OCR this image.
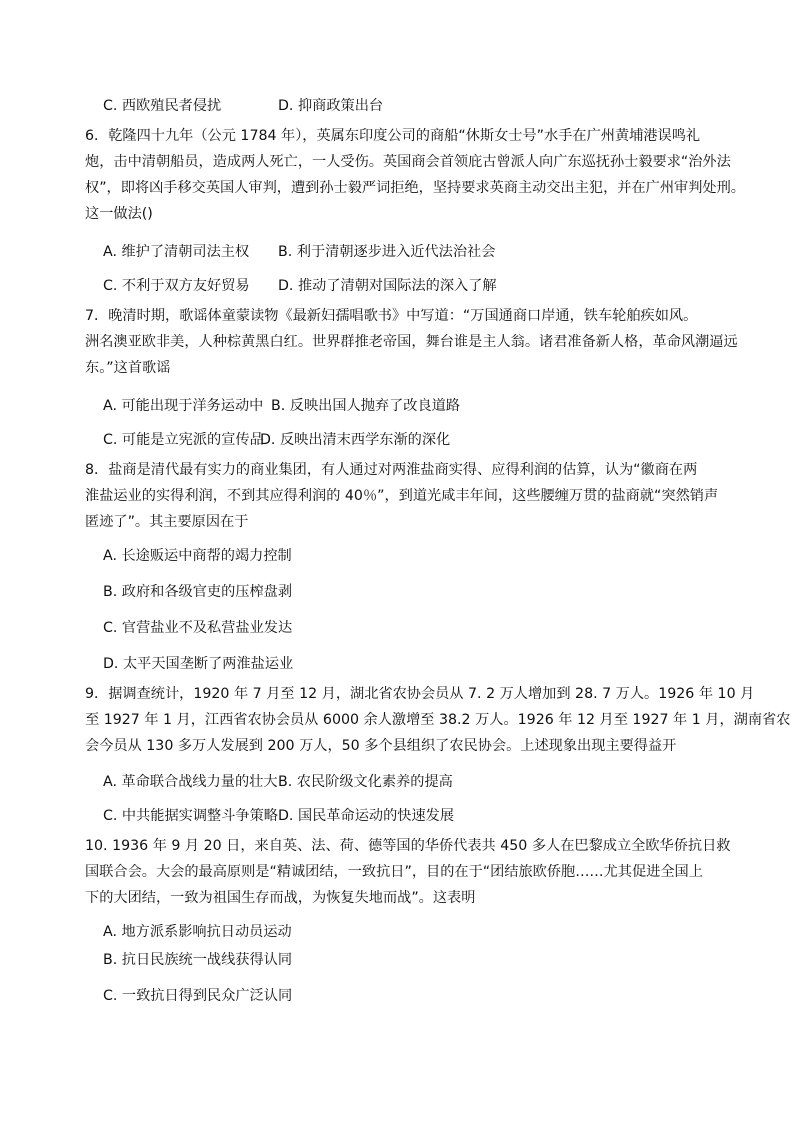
C. 西欧殖民者侵扰	D. 抑商政策出台
6．乾隆四十九年（公元 1784 年），英属东印度公司的商船“休斯女士号”水手在广州黄埔港误鸣礼
炮，击中清朝船员，造成两人死亡，一人受伤。英国商会首领庇古曾派人向广东巡抚孙士毅要求“治外法
权”，即将凶手移交英国人审判，遭到孙士毅严词拒绝，坚持要求英商主动交出主犯，并在广州审判处刑。
这一做法()
A. 维护了清朝司法主权 B. 利于清朝逐步进入近代法治社会
C. 不利于双方友好贸易 D. 推动了清朝对国际法的深入了解
7．晚清时期，歌谣体童蒙读物《最新妇孺唱歌书》中写道：“万国通商口岸通，铁车轮舶疾如风。
洲名澳亚欧非美，人种棕黄黑白红。世界群推老帝国，舞台谁是主人翁。诸君准备新人格，革命风潮逼远
东。”这首歌谣
A. 可能出现于洋务运动中 B. 反映出国人抛弃了改良道路
C. 可能是立宪派的宣传品
D. 反映出清末西学东渐的深化
8．盐商是清代最有实力的商业集团，有人通过对两淮盐商实得、应得利润的估算，认为“徽商在两
淮盐运业的实得利润，不到其应得利润的 40％”，到道光咸丰年间，这些腰缠万贯的盐商就“突然销声
匿迹了”。其主要原因在于
A. 长途贩运中商帮的竭力控制
B. 政府和各级官吏的压榨盘剥
C. 官营盐业不及私营盐业发达
D. 太平天国垄断了两淮盐运业
9．据调查统计，1920 年 7 月至 12 月，湖北省农协会员从 7. 2 万人增加到 28. 7 万人。1926 年 10 月
至 1927 年 1 月，江西省农协会员从 6000 余人激增至 38.2 万人。1926 年 12 月至 1927 年 1 月，湖南省农
会今员从 130 多万人发展到 200 万人，50 多个县组织了农民协会。上述现象出现主要得益开
A. 革命联合战线力量的壮大 B. 农民阶级文化素养的提高
C. 中共能据实调整斗争策略 D. 国民革命运动的快速发展
10. 1936 年 9 月 20 日，来自英、法、荷、德等国的华侨代表共 450 多人在巴黎成立全欧华侨抗日救
国联合会。大会的最高原则是“精诚团结，一致抗日”，目的在于“团结旅欧侨胞……尤其促进全国上
下的大团结，一致为祖国生存而战，为恢复失地而战”。这表明
A. 地方派系影响抗日动员运动
B. 抗日民族统一战线获得认同
C. 一致抗日得到民众广泛认同
